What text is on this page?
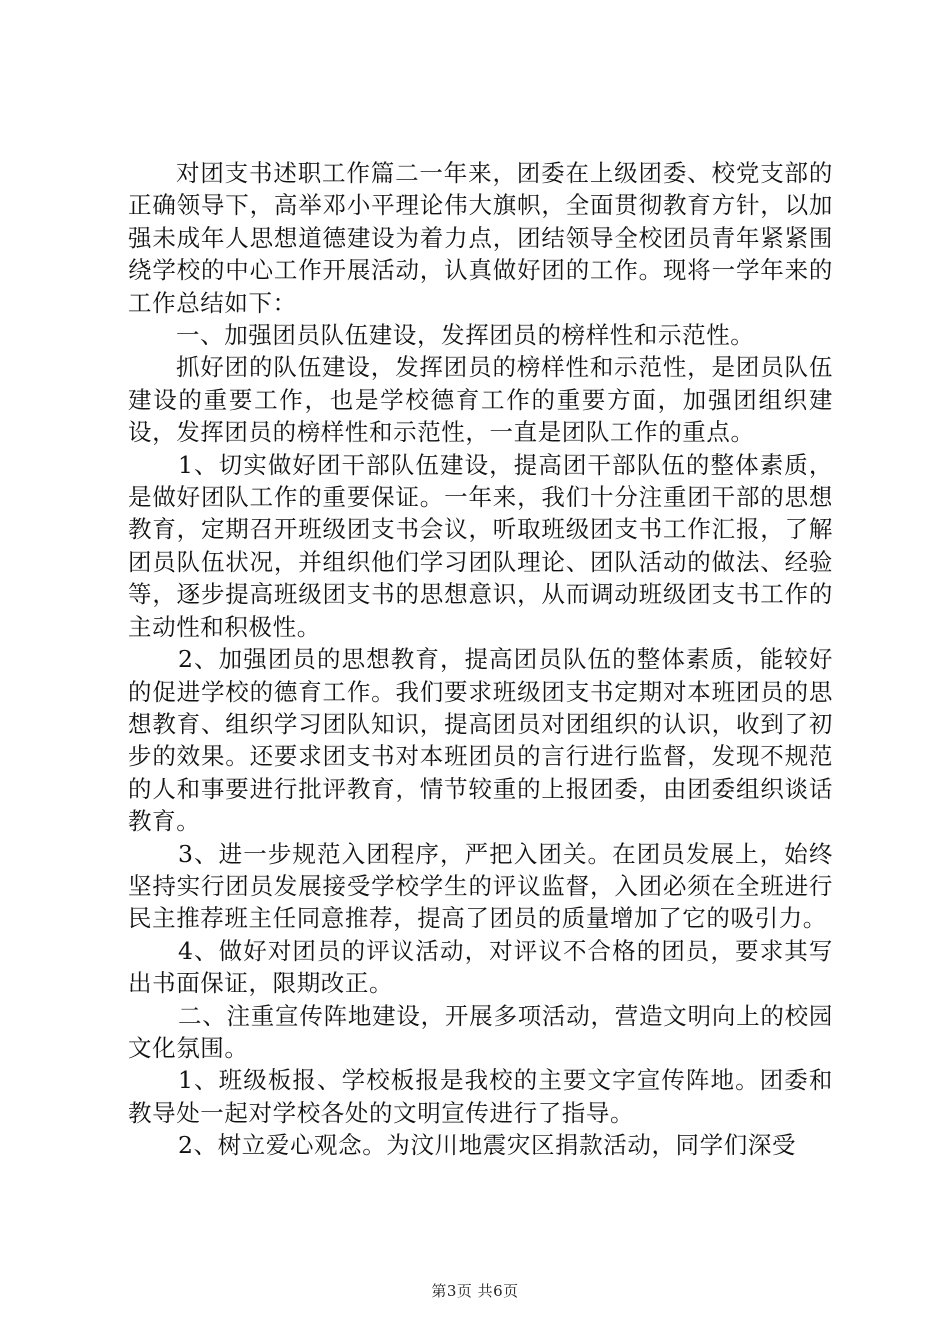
对团支书述职工作篇二一年来，团委在上级团委、校党支部的正确领导下，高举邓小平理论伟大旗帜，全面贯彻教育方针，以加强未成年人思想道德建设为着力点，团结领导全校团员青年紧紧围绕学校的中心工作开展活动，认真做好团的工作。现将一学年来的工作总结如下：

一、加强团员队伍建设，发挥团员的榜样性和示范性。

抓好团的队伍建设，发挥团员的榜样性和示范性，是团员队伍建设的重要工作，也是学校德育工作的重要方面，加强团组织建设，发挥团员的榜样性和示范性，一直是团队工作的重点。

1、切实做好团干部队伍建设，提高团干部队伍的整体素质，是做好团队工作的重要保证。一年来，我们十分注重团干部的思想教育，定期召开班级团支书会议，听取班级团支书工作汇报，了解团员队伍状况，并组织他们学习团队理论、团队活动的做法、经验等，逐步提高班级团支书的思想意识，从而调动班级团支书工作的主动性和积极性。

2、加强团员的思想教育，提高团员队伍的整体素质，能较好的促进学校的德育工作。我们要求班级团支书定期对本班团员的思想教育、组织学习团队知识，提高团员对团组织的认识，收到了初步的效果。还要求团支书对本班团员的言行进行监督，发现不规范的人和事要进行批评教育，情节较重的上报团委，由团委组织谈话教育。

3、进一步规范入团程序，严把入团关。在团员发展上，始终坚持实行团员发展接受学校学生的评议监督，入团必须在全班进行民主推荐班主任同意推荐，提高了团员的质量增加了它的吸引力。

4、做好对团员的评议活动，对评议不合格的团员，要求其写出书面保证，限期改正。

二、注重宣传阵地建设，开展多项活动，营造文明向上的校园文化氛围。

1、班级板报、学校板报是我校的主要文字宣传阵地。团委和教导处一起对学校各处的文明宣传进行了指导。

2、树立爱心观念。为汶川地震灾区捐款活动，同学们深受

第3页 共6页
